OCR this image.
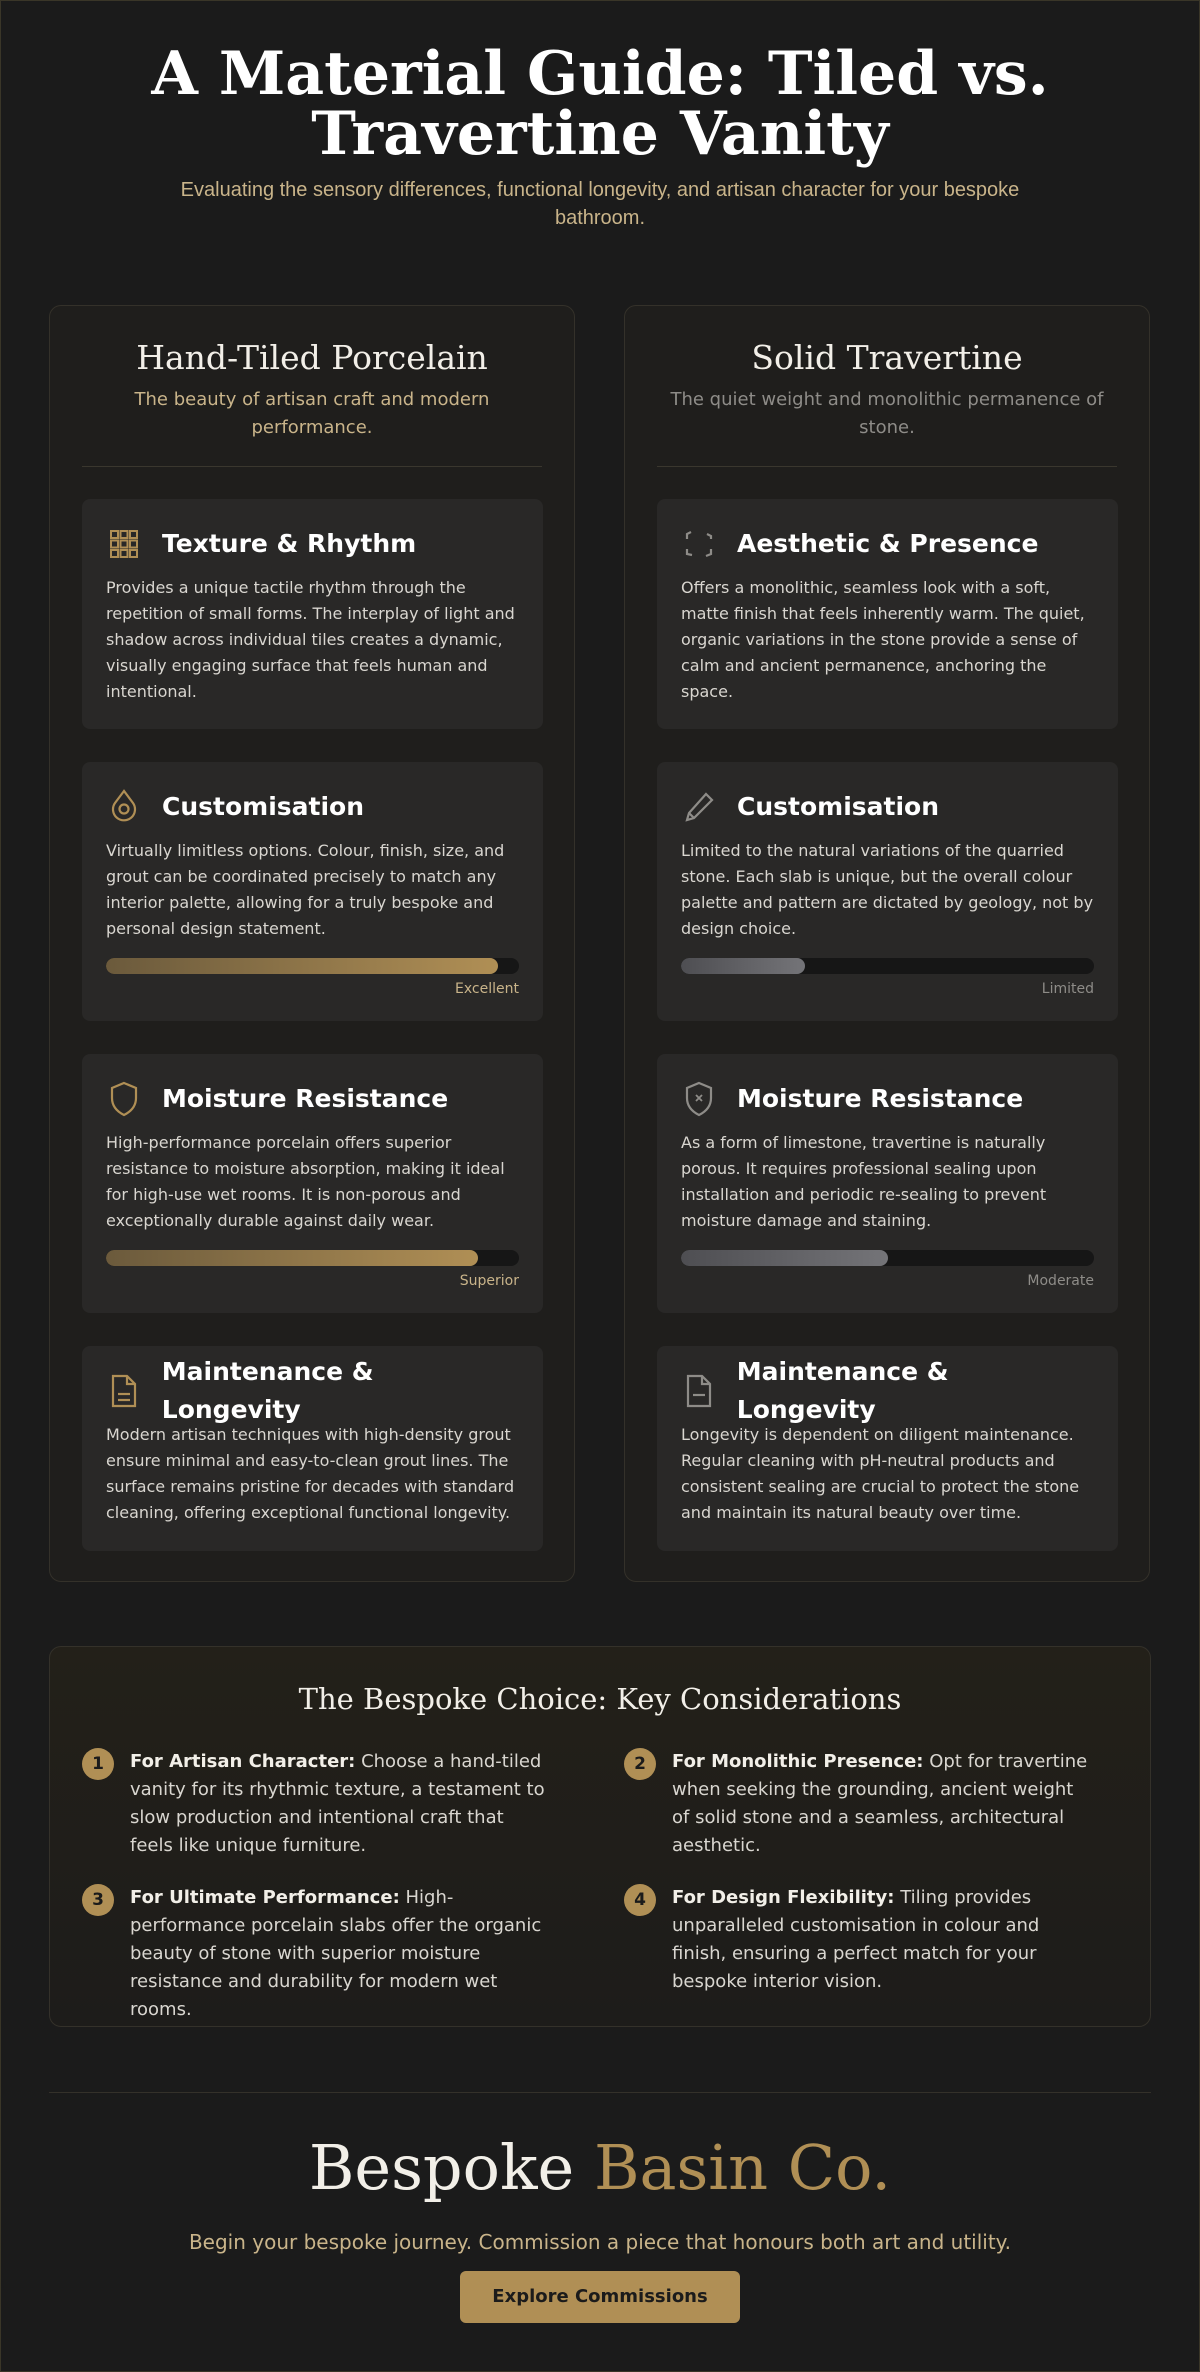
A Material Guide: Tiled vs. Travertine Vanity

Evaluating the sensory differences, functional longevity, and artisan character for your bespoke bathroom.

Hand-Tiled Porcelain

The beauty of artisan craft and modern performance.

Texture & Rhythm

Provides a unique tactile rhythm through the repetition of small forms. The interplay of light and shadow across individual tiles creates a dynamic, visually engaging surface that feels human and intentional.

Customisation

Virtually limitless options. Colour, finish, size, and grout can be coordinated precisely to match any interior palette, allowing for a truly bespoke and personal design statement.

Excellent
Moisture Resistance

High-performance porcelain offers superior resistance to moisture absorption, making it ideal for high-use wet rooms. It is non-porous and exceptionally durable against daily wear.

Superior
Maintenance & Longevity

Modern artisan techniques with high-density grout ensure minimal and easy-to-clean grout lines. The surface remains pristine for decades with standard cleaning, offering exceptional functional longevity.

Solid Travertine

The quiet weight and monolithic permanence of stone.

Aesthetic & Presence

Offers a monolithic, seamless look with a soft, matte finish that feels inherently warm. The quiet, organic variations in the stone provide a sense of calm and ancient permanence, anchoring the space.

Customisation

Limited to the natural variations of the quarried stone. Each slab is unique, but the overall colour palette and pattern are dictated by geology, not by design choice.

Limited
Moisture Resistance

As a form of limestone, travertine is naturally porous. It requires professional sealing upon installation and periodic re-sealing to prevent moisture damage and staining.

Moderate
Maintenance & Longevity

Longevity is dependent on diligent maintenance. Regular cleaning with pH-neutral products and consistent sealing are crucial to protect the stone and maintain its natural beauty over time.

The Bespoke Choice: Key Considerations
1	For Artisan Character: Choose a hand-tiled vanity for its rhythmic texture, a testament to slow production and intentional craft that feels like unique furniture.
2	For Monolithic Presence: Opt for travertine when seeking the grounding, ancient weight of solid stone and a seamless, architectural aesthetic.
3	For Ultimate Performance: High-performance porcelain slabs offer the organic beauty of stone with superior moisture resistance and durability for modern wet rooms.
4	For Design Flexibility: Tiling provides unparalleled customisation in colour and finish, ensuring a perfect match for your bespoke interior vision.
Bespoke Basin Co.

Begin your bespoke journey. Commission a piece that honours both art and utility.

Explore Commissions
